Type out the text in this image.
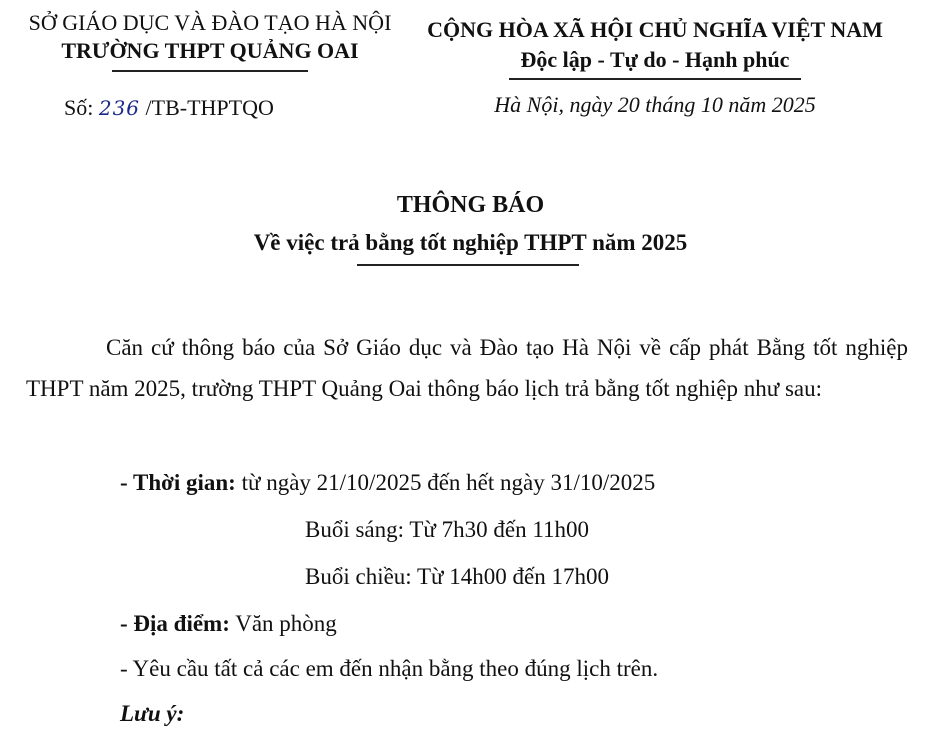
SỞ GIÁO DỤC VÀ ĐÀO TẠO HÀ NỘI
TRƯỜNG THPT QUẢNG OAI
Số: 236 /TB-THPTQO
CỘNG HÒA XÃ HỘI CHỦ NGHĨA VIỆT NAM
Độc lập - Tự do - Hạnh phúc
Hà Nội, ngày 20 tháng 10 năm 2025
THÔNG BÁO
Về việc trả bằng tốt nghiệp THPT năm 2025
Căn cứ thông báo của Sở Giáo dục và Đào tạo Hà Nội về cấp phát Bằng tốt nghiệp THPT năm 2025, trường THPT Quảng Oai thông báo lịch trả bằng tốt nghiệp như sau:
- Thời gian: từ ngày 21/10/2025 đến hết ngày 31/10/2025
Buổi sáng: Từ 7h30 đến 11h00
Buổi chiều: Từ 14h00 đến 17h00
- Địa điểm: Văn phòng
- Yêu cầu tất cả các em đến nhận bằng theo đúng lịch trên.
Lưu ý:
